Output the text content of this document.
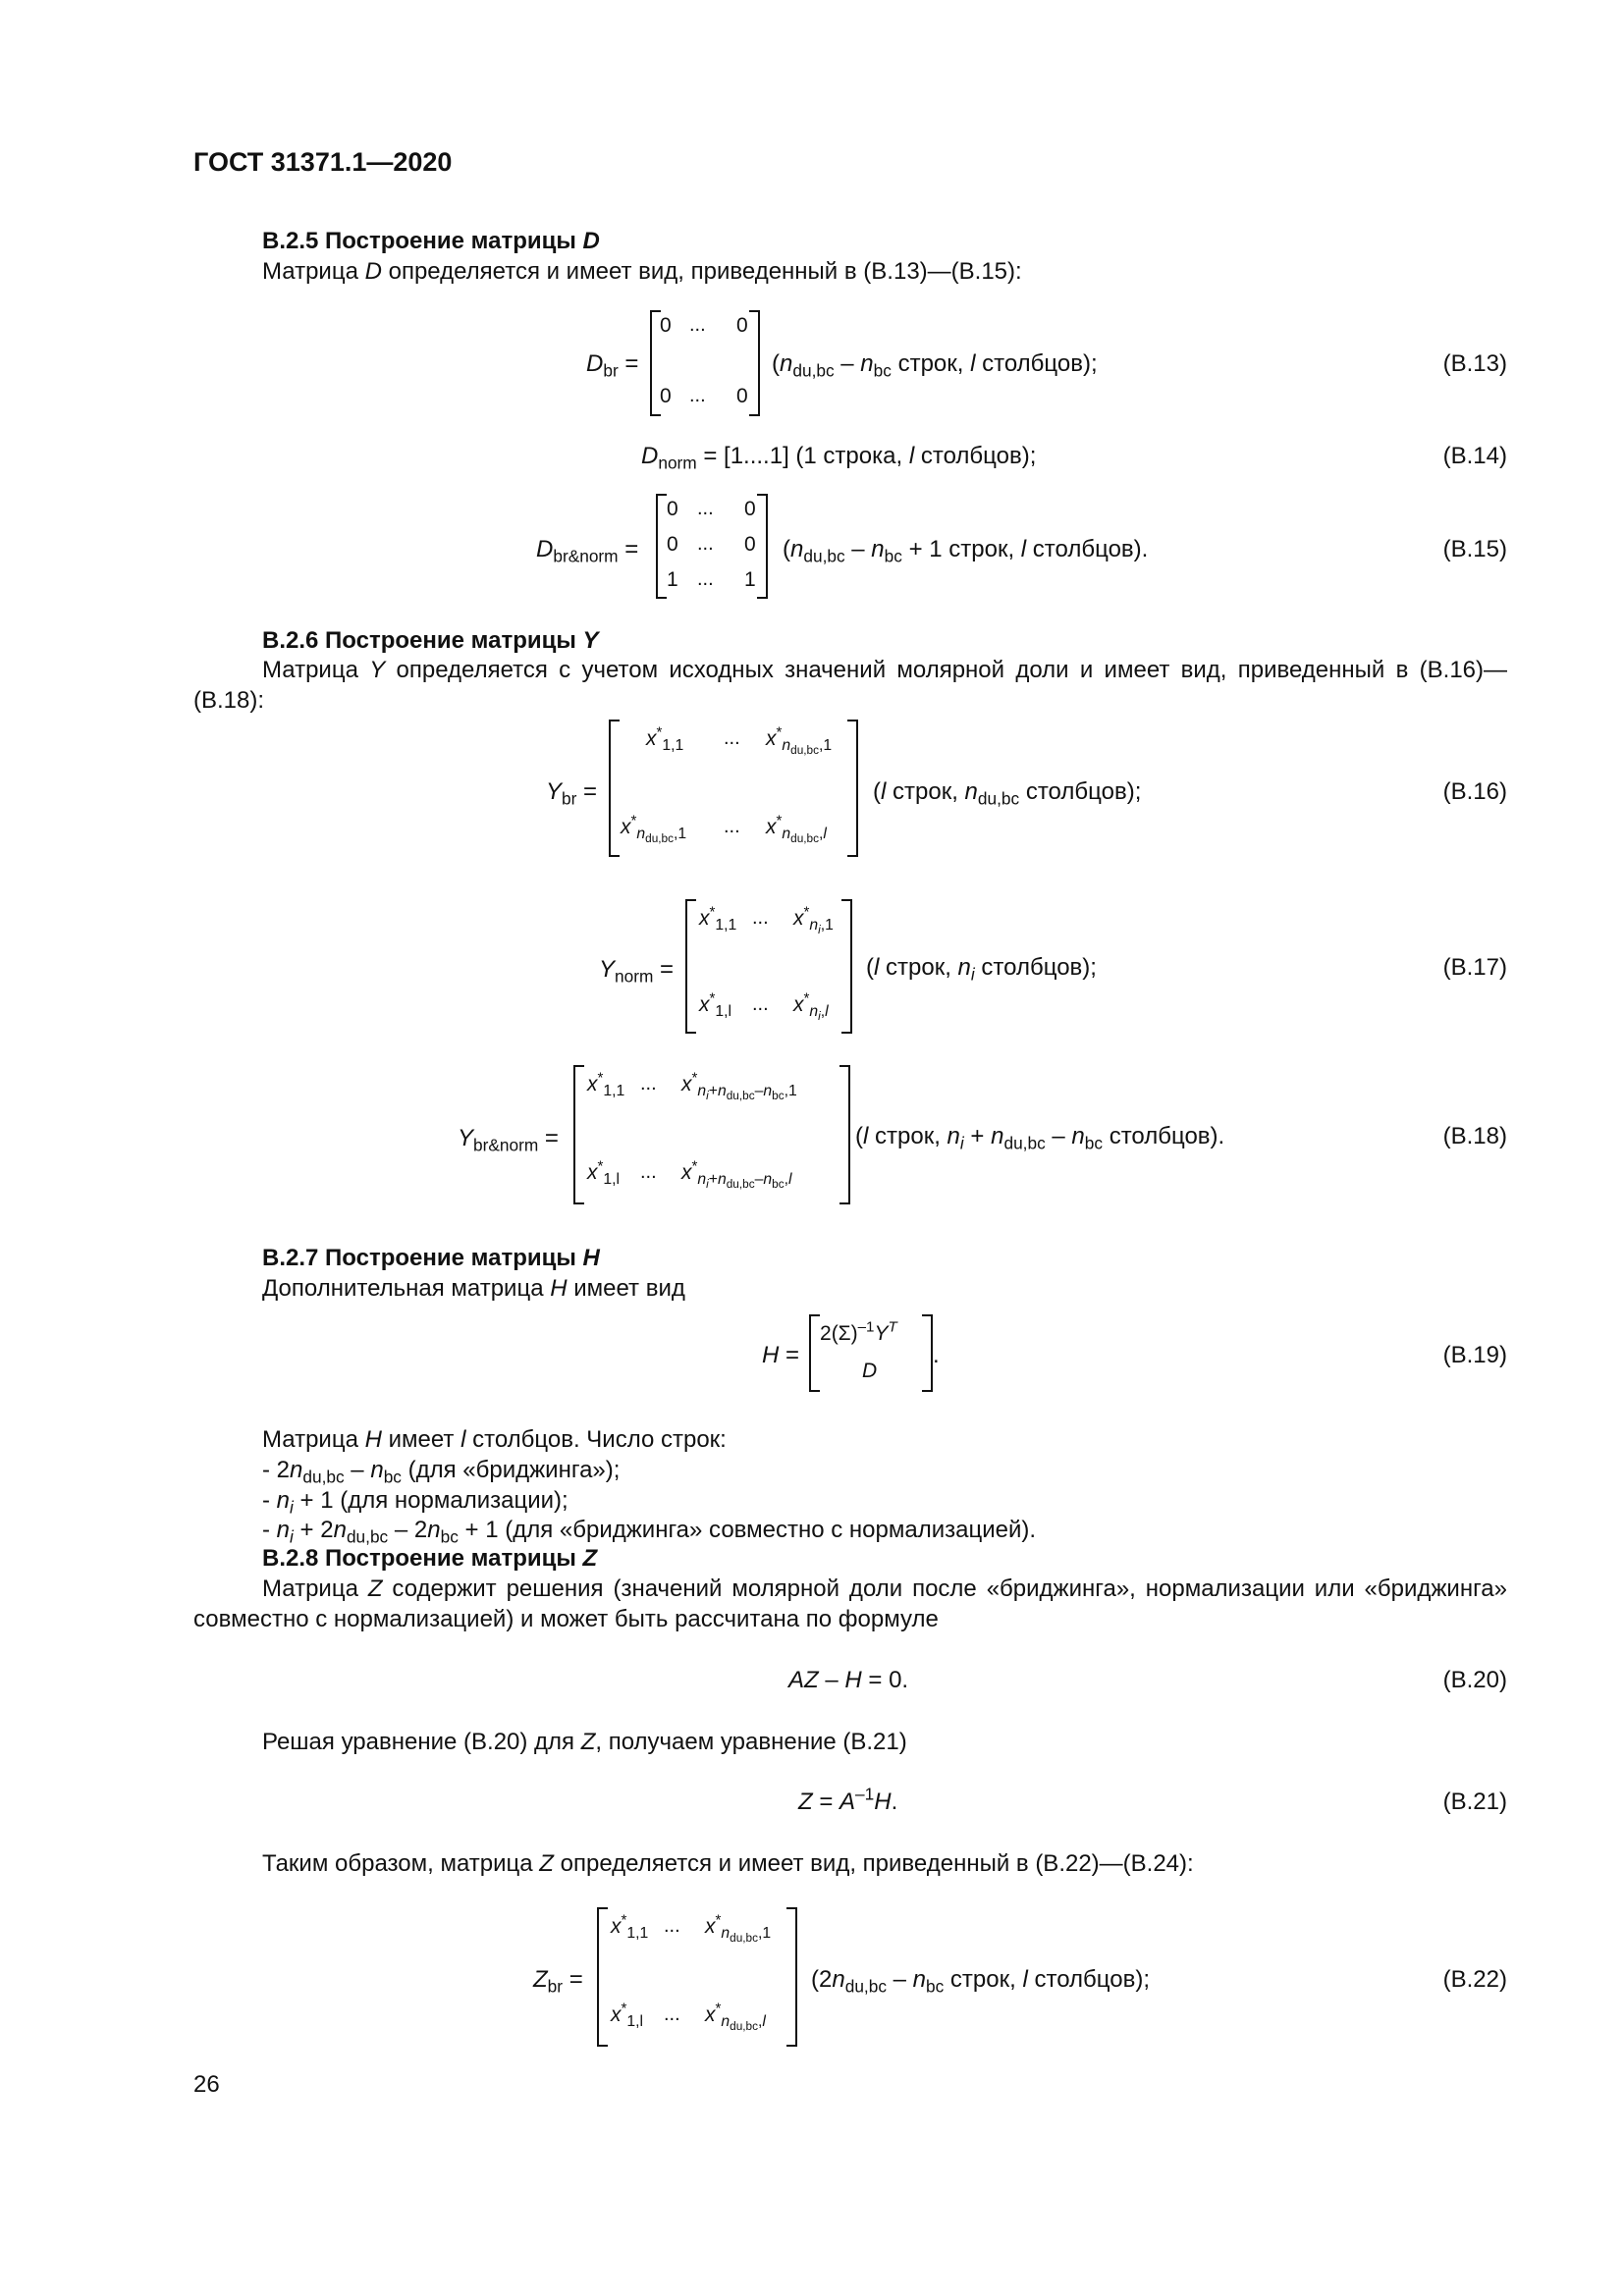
ГОСТ 31371.1—2020
В.2.5 Построение матрицы D
Матрица D определяется и имеет вид, приведенный в (В.13)—(В.15):
$D_{br}$ =
0 ... 0
0 ... 0
($n_{du,bc} - n_{bc}$ строк, l столбцов);	(В.13)
$D_{norm} = [1....1]$ (1 строка, l столбцов);	(В.14)
$D_{br\&norm}$ =
0 ... 0
0 ... 0
1 ... 1
($n_{du,bc} - n_{bc} + 1$ строк, l столбцов).	(В.15)
В.2.6 Построение матрицы Y
Матрица Y определяется с учетом исходных значений молярной доли и имеет вид, приведенный в (В.16)—(В.18):
$Y_{br}$ =
$x^*_{1,1}$ ... $x^*_{n_{du,bc},1}$
$x^*_{n_{du,bc},1}$ ... $x^*_{n_{du,bc},l}$
(l строк, $n_{du,bc}$ столбцов);	(В.16)
$Y_{norm}$ =
$x^*_{1,1}$ ... $x^*_{n_i,1}$
$x^*_{1,l}$ ... $x^*_{n_i,l}$
(l строк, $n_i$ столбцов);	(В.17)
$Y_{br\&norm}$ =
$x^*_{1,1}$ ... $x^*_{n_i+n_{du,bc}-n_{bc},1}$
$x^*_{1,l}$ ... $x^*_{n_i+n_{du,bc}-n_{bc},l}$
(l строк, $n_i + n_{du,bc} - n_{bc}$ столбцов).	(В.18)
В.2.7 Построение матрицы H
Дополнительная матрица H имеет вид
H =
$2(\Sigma)^{-1}Y^T$
D
.	(В.19)
Матрица H имеет l столбцов. Число строк:
- $2n_{du,bc} - n_{bc}$ (для «бриджинга»);
- $n_i + 1$ (для нормализации);
- $n_i + 2n_{du,bc} - 2n_{bc} + 1$ (для «бриджинга» совместно с нормализацией).
В.2.8 Построение матрицы Z
Матрица Z содержит решения (значений молярной доли после «бриджинга», нормализации или «бриджинга» совместно с нормализацией) и может быть рассчитана по формуле
AZ – H = 0.	(В.20)
Решая уравнение (В.20) для Z, получаем уравнение (В.21)
$Z = A^{-1}H$.	(В.21)
Таким образом, матрица Z определяется и имеет вид, приведенный в (В.22)—(В.24):
$Z_{br}$ =
$x^*_{1,1}$ ... $x^*_{n_{du,bc},1}$
$x^*_{1,l}$ ... $x^*_{n_{du,bc},l}$
($2n_{du,bc} - n_{bc}$ строк, l столбцов);	(В.22)
26
